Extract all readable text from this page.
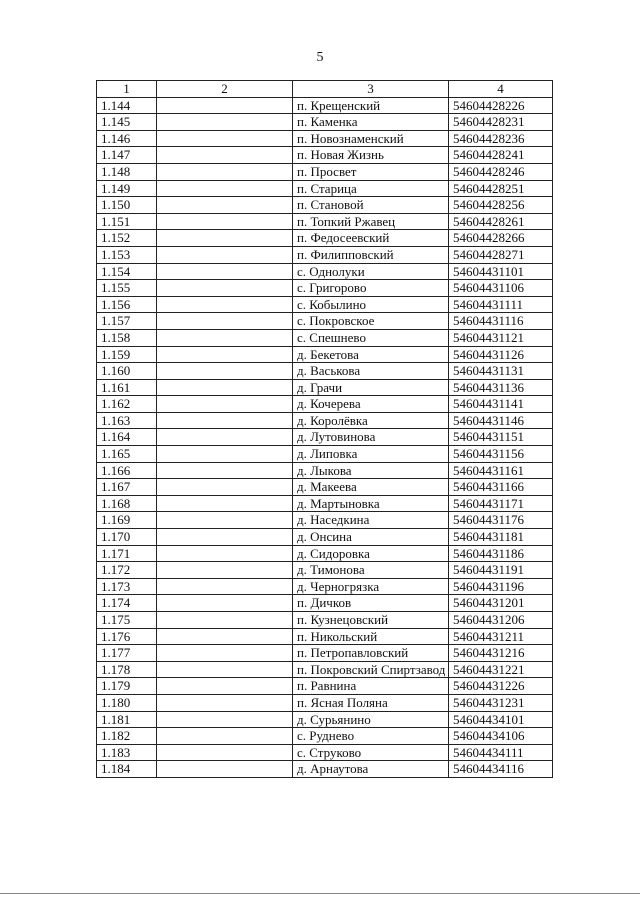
5
1	2	3	4
1.144		п. Крещенский	54604428226
1.145		п. Каменка	54604428231
1.146		п. Новознаменский	54604428236
1.147		п. Новая Жизнь	54604428241
1.148		п. Просвет	54604428246
1.149		п. Старица	54604428251
1.150		п. Становой	54604428256
1.151		п. Топкий Ржавец	54604428261
1.152		п. Федосеевский	54604428266
1.153		п. Филипповский	54604428271
1.154		с. Однолуки	54604431101
1.155		с. Григорово	54604431106
1.156		с. Кобылино	54604431111
1.157		с. Покровское	54604431116
1.158		с. Спешнево	54604431121
1.159		д. Бекетова	54604431126
1.160		д. Васькова	54604431131
1.161		д. Грачи	54604431136
1.162		д. Кочерева	54604431141
1.163		д. Королёвка	54604431146
1.164		д. Лутовинова	54604431151
1.165		д. Липовка	54604431156
1.166		д. Лыкова	54604431161
1.167		д. Макеева	54604431166
1.168		д. Мартыновка	54604431171
1.169		д. Наседкина	54604431176
1.170		д. Онсина	54604431181
1.171		д. Сидоровка	54604431186
1.172		д. Тимонова	54604431191
1.173		д. Черногрязка	54604431196
1.174		п. Дичков	54604431201
1.175		п. Кузнецовский	54604431206
1.176		п. Никольский	54604431211
1.177		п. Петропавловский	54604431216
1.178		п. Покровский Спиртзавод	54604431221
1.179		п. Равнина	54604431226
1.180		п. Ясная Поляна	54604431231
1.181		д. Сурьянино	54604434101
1.182		с. Руднево	54604434106
1.183		с. Струково	54604434111
1.184		д. Арнаутова	54604434116
